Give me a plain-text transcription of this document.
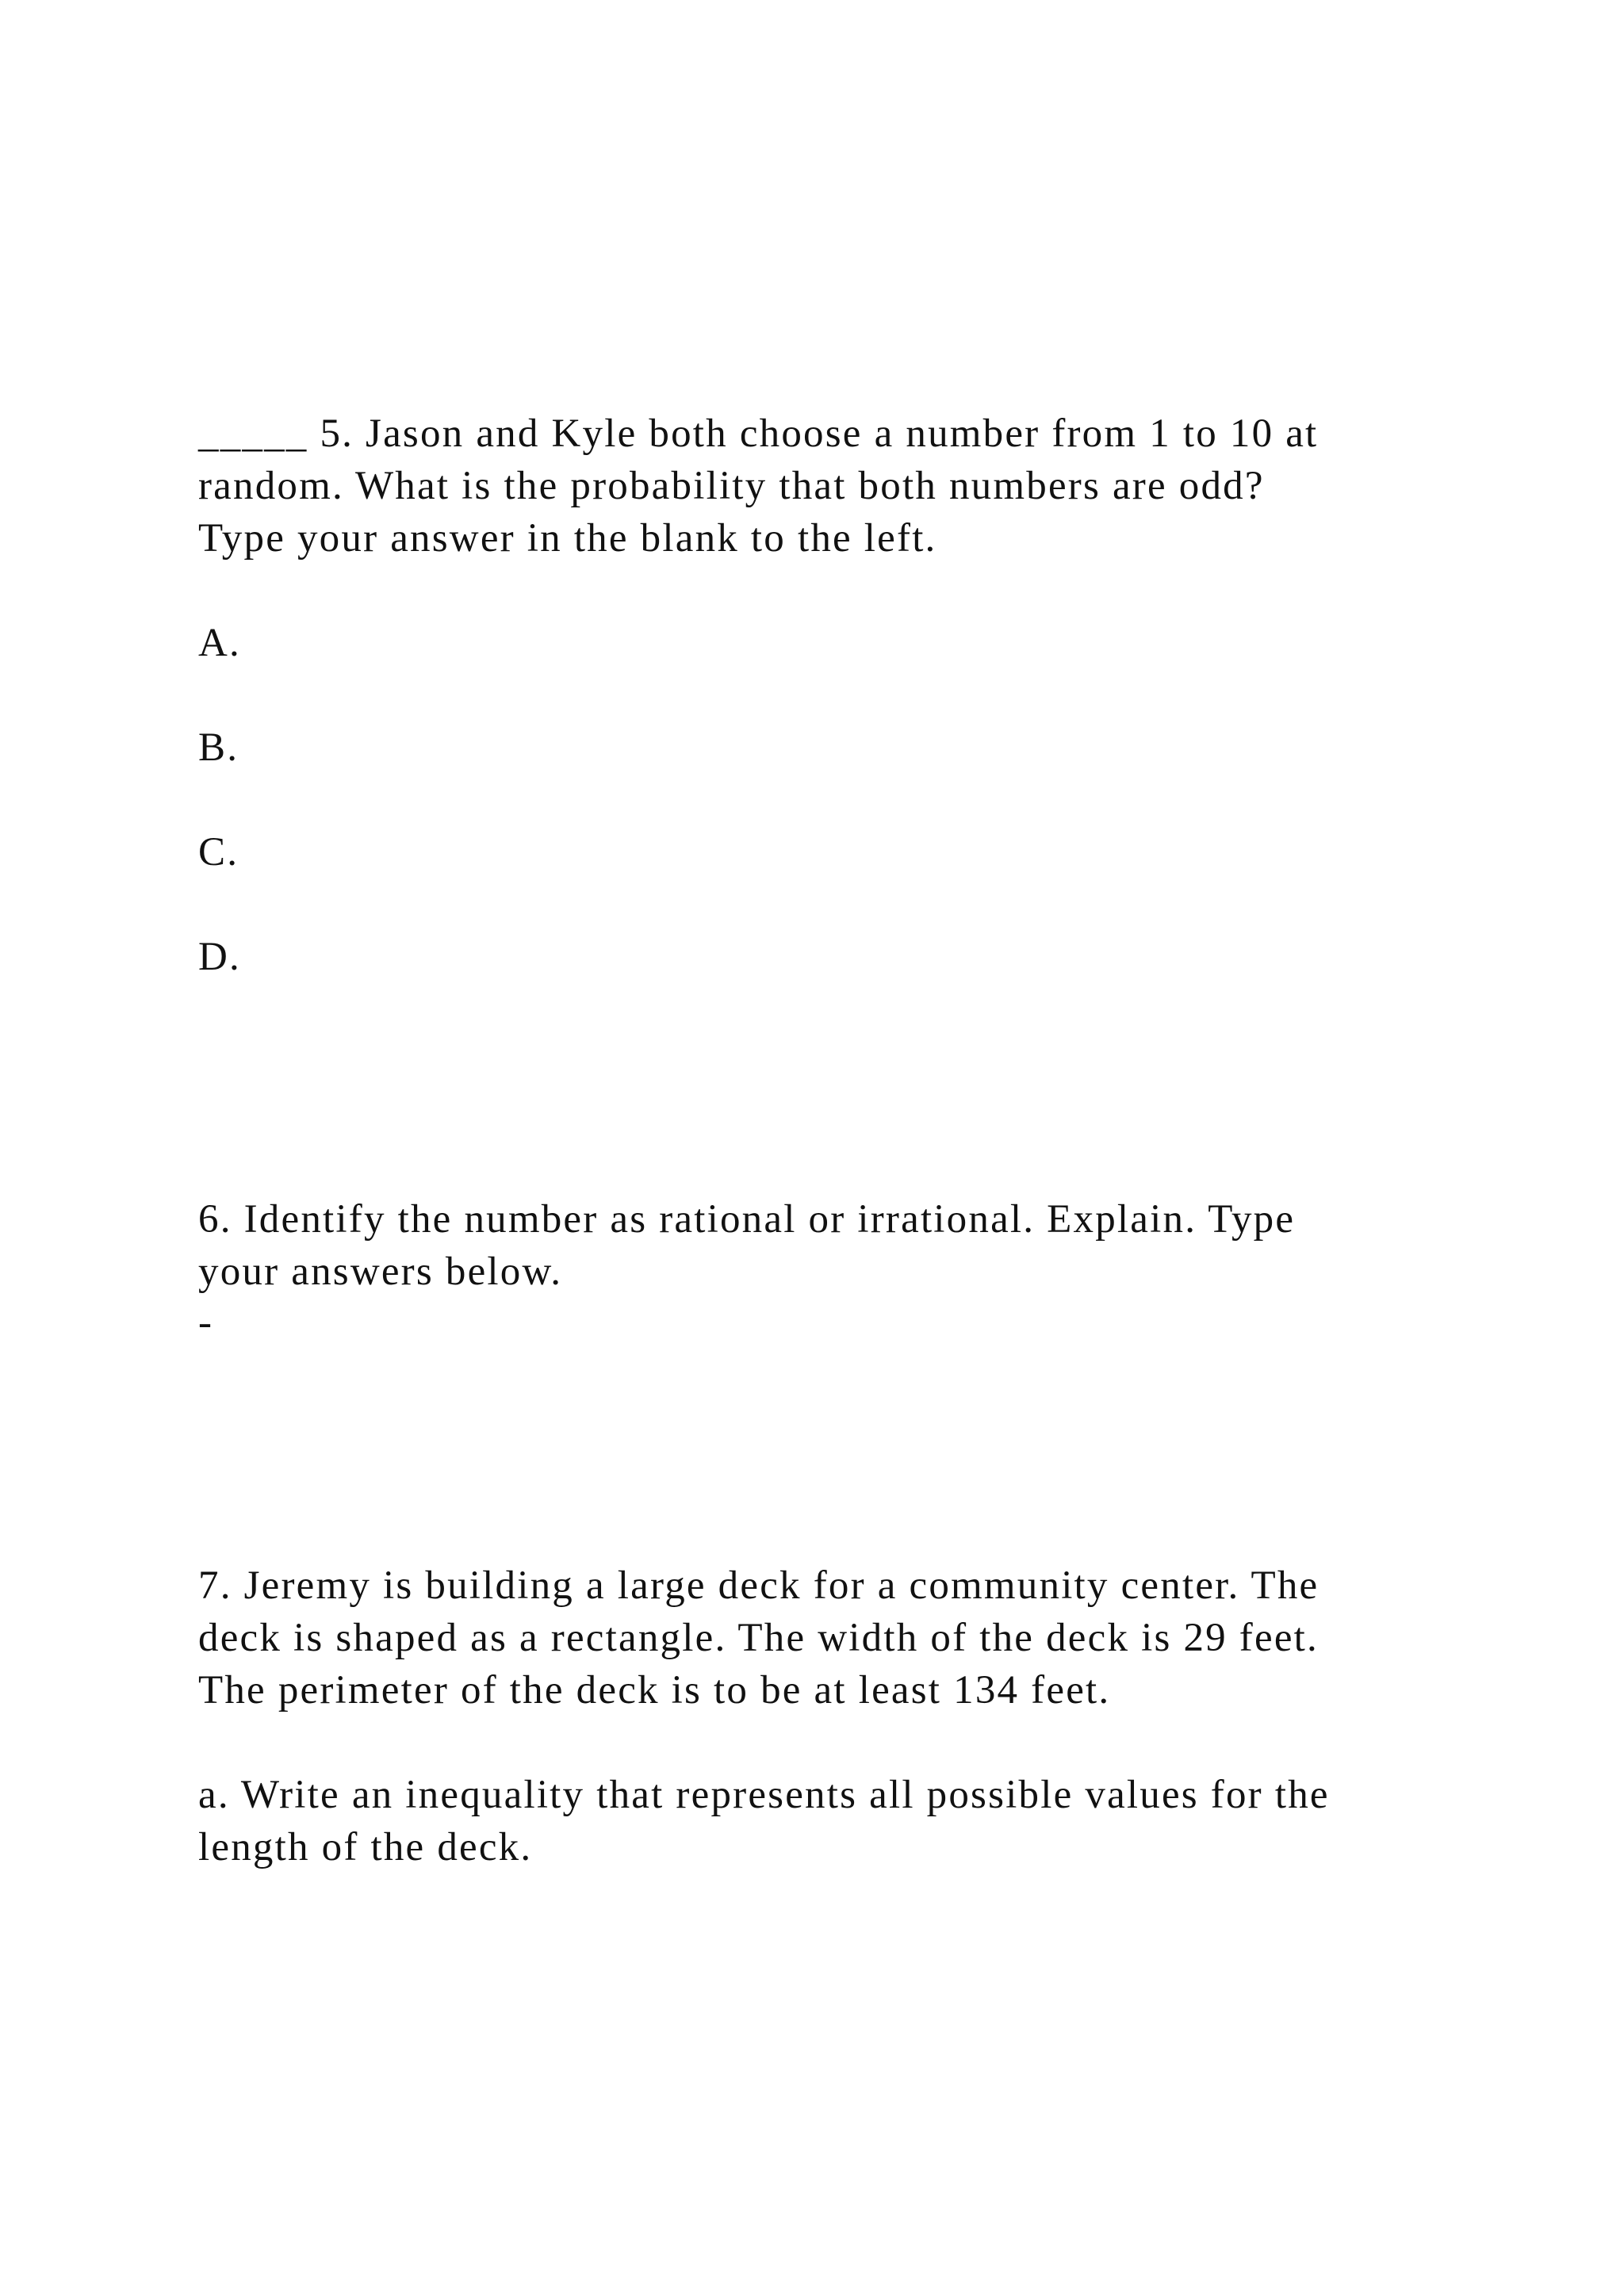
_____ 5. Jason and Kyle both choose a number from 1 to 10 at
random. What is the probability that both numbers are odd?
Type your answer in the blank to the left.
A.
B.
C.
D.
6. Identify the number as rational or irrational. Explain. Type
your answers below.
-
7. Jeremy is building a large deck for a community center. The
deck is shaped as a rectangle. The width of the deck is 29 feet.
The perimeter of the deck is to be at least 134 feet.
a. Write an inequality that represents all possible values for the
length of the deck.
